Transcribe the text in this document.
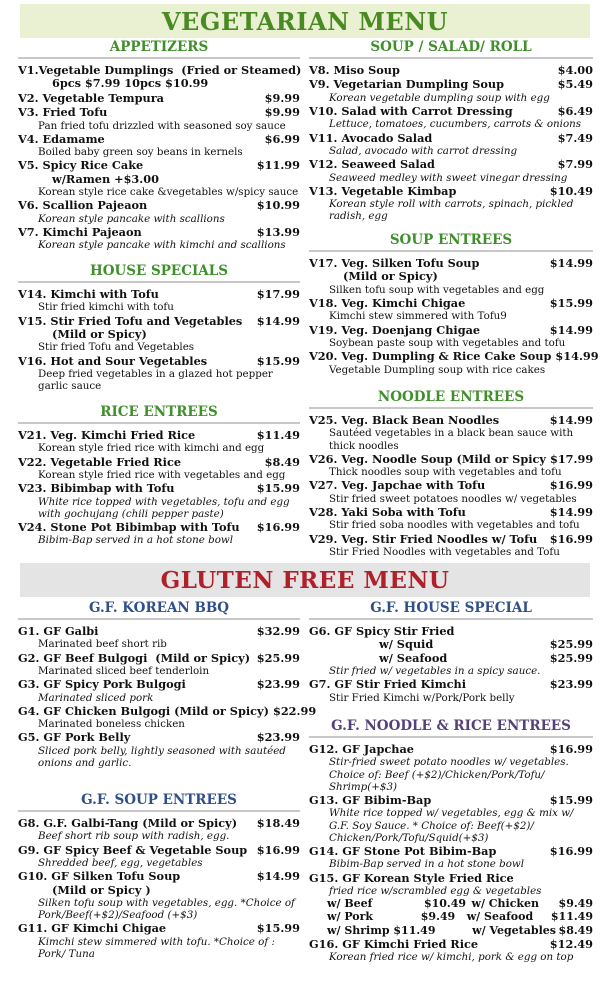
VEGETARIAN MENU
APPETIZERS
V1.Vegetable Dumplings  (Fried or Steamed)
6pcs $7.99 10pcs $10.99
V2. Vegetable Tempura	$9.99
V3. Fried Tofu	$9.99
Pan fried tofu drizzled with seasoned soy sauce
V4. Edamame	$6.99
Boiled baby green soy beans in kernels
V5. Spicy Rice Cake	$11.99
w/Ramen +$3.00
Korean style rice cake &vegetables w/spicy sauce
V6. Scallion Pajeaon	$10.99
Korean style pancake with scallions
V7. Kimchi Pajeaon	$13.99
Korean style pancake with kimchi and scallions
HOUSE SPECIALS
V14. Kimchi with Tofu	$17.99
Stir fried kimchi with tofu
V15. Stir Fried Tofu and Vegetables	$14.99
(Mild or Spicy)
Stir fried Tofu and Vegetables
V16. Hot and Sour Vegetables	$15.99
Deep fried vegetables in a glazed hot pepper garlic sauce
RICE ENTREES
V21. Veg. Kimchi Fried Rice	$11.49
Korean style fried rice with kimchi and egg
V22. Vegetable Fried Rice	$8.49
Korean style fried rice with vegetables and egg
V23. Bibimbap with Tofu	$15.99
White rice topped with vegetables, tofu and egg with gochujang (chili pepper paste)
V24. Stone Pot Bibimbap with Tofu	$16.99
Bibim-Bap served in a hot stone bowl
SOUP / SALAD/ ROLL
V8. Miso Soup	$4.00
V9. Vegetarian Dumpling Soup	$5.49
Korean vegetable dumpling soup with egg
V10. Salad with Carrot Dressing	$6.49
Lettuce, tomatoes, cucumbers, carrots & onions
V11. Avocado Salad	$7.49
Salad, avocado with carrot dressing
V12. Seaweed Salad	$7.99
Seaweed medley with sweet vinegar dressing
V13. Vegetable Kimbap	$10.49
Korean style roll with carrots, spinach, pickled radish, egg
SOUP ENTREES
V17. Veg. Silken Tofu Soup	$14.99
(Mild or Spicy)
Silken tofu soup with vegetables and egg
V18. Veg. Kimchi Chigae	$15.99
Kimchi stew simmered with Tofu9
V19. Veg. Doenjang Chigae	$14.99
Soybean paste soup with vegetables and tofu
V20. Veg. Dumpling & Rice Cake Soup $14.99
Vegetable Dumpling soup with rice cakes
NOODLE ENTREES
V25. Veg. Black Bean Noodles	$14.99
Sautéed vegetables in a black bean sauce with thick noodles
V26. Veg. Noodle Soup (Mild or Spicy $17.99
Thick noodles soup with vegetables and tofu
V27. Veg. Japchae with Tofu	$16.99
Stir fried sweet potatoes noodles w/ vegetables
V28. Yaki Soba with Tofu	$14.99
Stir fried soba noodles with vegetables and tofu
V29. Veg. Stir Fried Noodles w/ Tofu	$16.99
Stir Fried Noodles with vegetables and Tofu
GLUTEN FREE MENU
G.F. KOREAN BBQ
G1. GF Galbi	$32.99
Marinated beef short rib
G2. GF Beef Bulgogi  (Mild or Spicy) $25.99
Marinated sliced beef tenderloin
G3. GF Spicy Pork Bulgogi	$23.99
Marinated sliced pork
G4. GF Chicken Bulgogi (Mild or Spicy) $22.99
Marinated boneless chicken
G5. GF Pork Belly	$23.99
Sliced pork belly, lightly seasoned with sautéed onions and garlic.
G.F. SOUP ENTREES
G8. G.F. Galbi-Tang (Mild or Spicy)	$18.49
Beef short rib soup with radish, egg.
G9. GF Spicy Beef & Vegetable Soup $16.99
Shredded beef, egg, vegetables
G10. GF Silken Tofu Soup	$14.99
(Mild or Spicy )
Silken tofu soup with vegetables, egg. *Choice of Pork/Beef(+$2)/Seafood (+$3)
G11. GF Kimchi Chigae	$15.99
Kimchi stew simmered with tofu. *Choice of : Pork/ Tuna
G.F. HOUSE SPECIAL
G6. GF Spicy Stir Fried
w/ Squid	$25.99
w/ Seafood	$25.99
Stir fried w/ vegetables in a spicy sauce.
G7. GF Stir Fried Kimchi	$23.99
Stir Fried Kimchi w/Pork/Pork belly
G.F. NOODLE & RICE ENTREES
G12. GF Japchae	$16.99
Stir-fried sweet potato noodles w/ vegetables. Choice of: Beef (+$2)/Chicken/Pork/Tofu/ Shrimp(+$3)
G13. GF Bibim-Bap	$15.99
White rice topped w/ vegetables, egg & mix w/ G.F. Soy Sauce. * Choice of: Beef(+$2)/ Chicken/Pork/Tofu/Squid(+$3)
G14. GF Stone Pot Bibim-Bap	$16.99
Bibim-Bap served in a hot stone bowl
G15. GF Korean Style Fried Rice
fried rice w/scrambled egg & vegetables
w/ Beef	$10.49 w/ Chicken	$9.49
w/ Pork	$9.49	w/ Seafood	$11.49
w/ Shrimp $11.49	w/ Vegetables $8.49
G16. GF Kimchi Fried Rice	$12.49
Korean fried rice w/ kimchi, pork & egg on top
